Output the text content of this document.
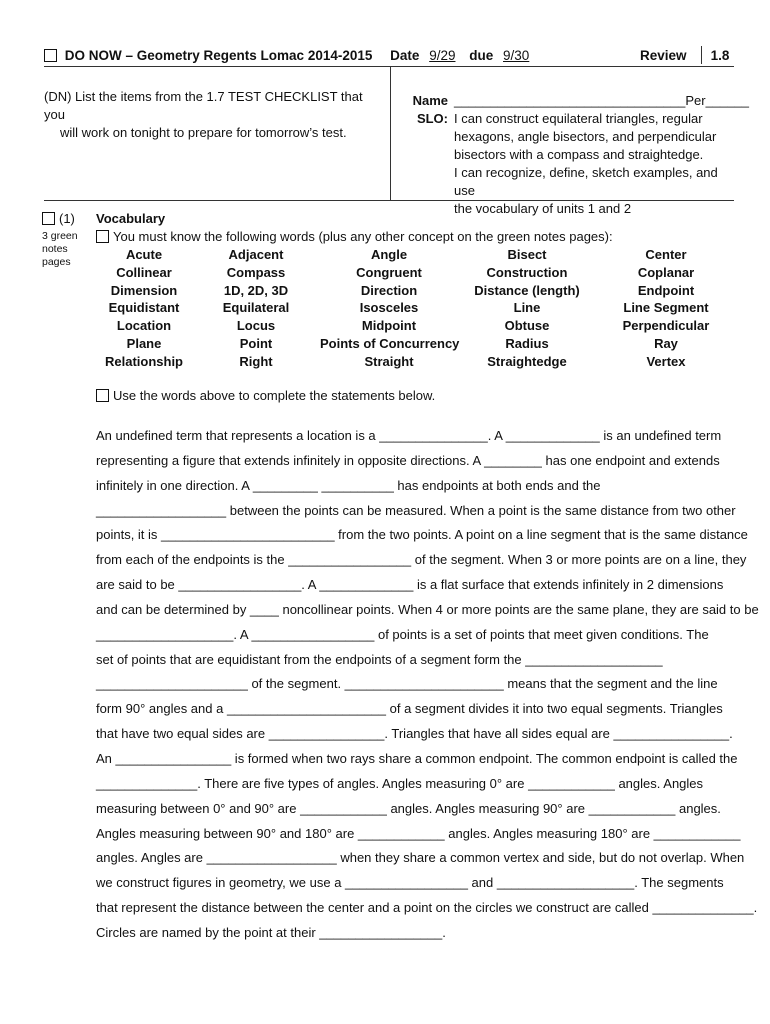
DO NOW – Geometry Regents Lomac 2014-2015 Date 9/29 due 9/30	Review 1.8
(DN) List the items from the 1.7 TEST CHECKLIST that you
will work on tonight to prepare for tomorrow’s test.
Name ________________________________Per______
SLO: I can construct equilateral triangles, regular
hexagons, angle bisectors, and perpendicular
bisectors with a compass and straightedge.
I can recognize, define, sketch examples, and use
the vocabulary of units 1 and 2
(1)
3 green
notes
pages
Vocabulary
You must know the following words (plus any other concept on the green notes pages):
Acute	Adjacent	Angle	Bisect	Center
Collinear	Compass	Congruent	Construction	Coplanar
Dimension	1D, 2D, 3D	Direction	Distance (length)	Endpoint
Equidistant	Equilateral	Isosceles	Line	Line Segment
Location	Locus	Midpoint	Obtuse	Perpendicular
Plane	Point	Points of Concurrency	Radius	Ray
Relationship	Right	Straight	Straightedge	Vertex
Use the words above to complete the statements below.

An undefined term that represents a location is a _______________. A _____________ is an undefined term

representing a figure that extends infinitely in opposite directions. A ________ has one endpoint and extends

infinitely in one direction. A _________ __________ has endpoints at both ends and the

__________________ between the points can be measured. When a point is the same distance from two other

points, it is ________________________ from the two points. A point on a line segment that is the same distance

from each of the endpoints is the _________________ of the segment. When 3 or more points are on a line, they

are said to be _________________. A _____________ is a flat surface that extends infinitely in 2 dimensions

and can be determined by ____ noncollinear points. When 4 or more points are the same plane, they are said to be

___________________. A _________________ of points is a set of points that meet given conditions. The

set of points that are equidistant from the endpoints of a segment form the ___________________

_____________________ of the segment. ______________________ means that the segment and the line

form 90° angles and a ______________________ of a segment divides it into two equal segments. Triangles

that have two equal sides are ________________. Triangles that have all sides equal are ________________.

An ________________ is formed when two rays share a common endpoint. The common endpoint is called the

______________. There are five types of angles. Angles measuring 0° are ____________ angles. Angles

measuring between 0° and 90° are ____________ angles. Angles measuring 90° are ____________ angles.

Angles measuring between 90° and 180° are ____________ angles. Angles measuring 180° are ____________

angles. Angles are __________________ when they share a common vertex and side, but do not overlap. When

we construct figures in geometry, we use a _________________ and ___________________. The segments

that represent the distance between the center and a point on the circles we construct are called ______________.

Circles are named by the point at their _________________.
